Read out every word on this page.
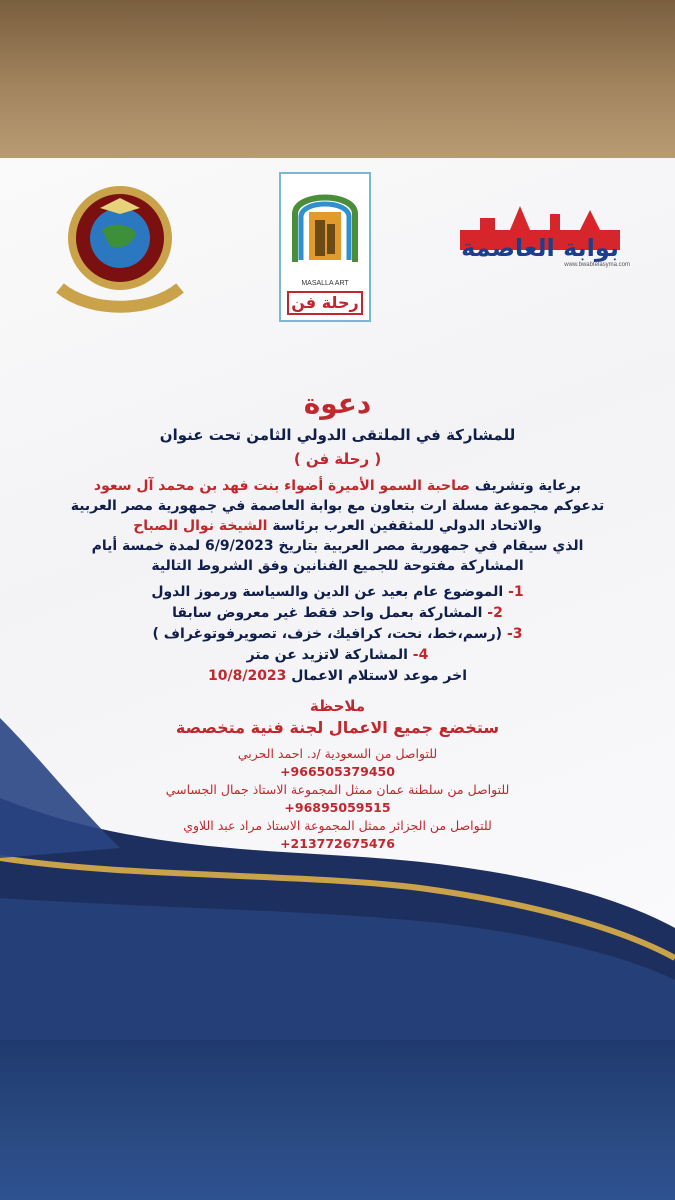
MASALLA ART
رحلة فن
بوابة العاصمة
www.bwabtelasyma.com

دعوة

للمشاركة في الملتقى الدولي الثامن تحت عنوان

( رحلة فن )

برعاية وتشريف صاحبة السمو الأميرة أضواء بنت فهد بن محمد آل سعود
تدعوكم مجموعة مسلة ارت بتعاون مع بوابة العاصمة في جمهورية مصر العربية
والاتحاد الدولي للمثقفين العرب برئاسة الشيخة نوال الصباح
الذي سيقام في جمهورية مصر العربية بتاريخ 6/9/2023 لمدة خمسة أيام
المشاركة مفتوحة للجميع الفنانين وفق الشروط التالية
1- الموضوع عام بعيد عن الدين والسياسة ورموز الدول
2- المشاركة بعمل واحد فقط غير معروض سابقا
3- (رسم،خط، نحت، كرافيك، خزف، تصويرفوتوغراف )
4- المشاركة لاتزيد عن متر
اخر موعد لاستلام الاعمال 10/8/2023
ملاحظة
ستخضع جميع الاعمال لجنة فنية متخصصة
للتواصل من السعودية /د. احمد الحربي
+966505379450
للتواصل من سلطنة عمان ممثل المجموعة الاستاذ جمال الجساسي
+96895059515
للتواصل من الجزائر ممثل المجموعة الاستاذ مراد عبد اللاوي
+213772675476
